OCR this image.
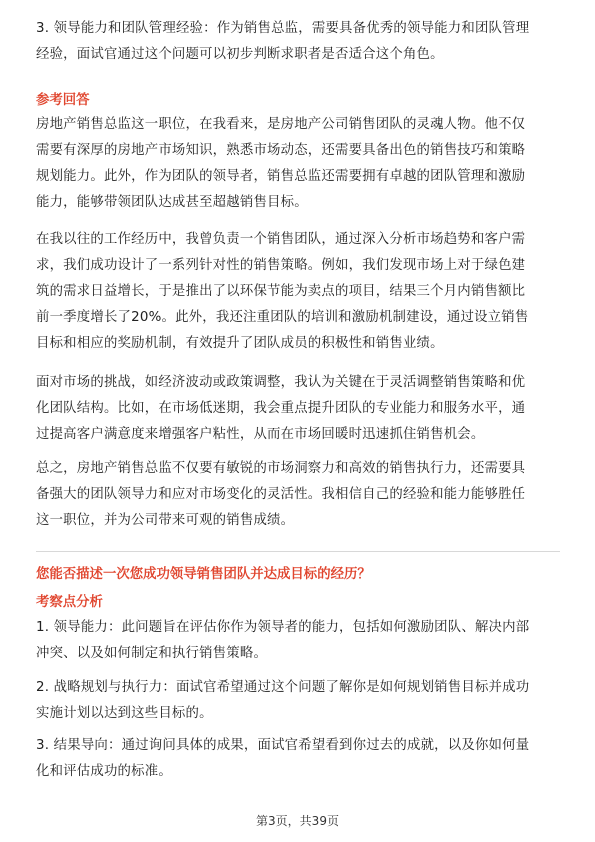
3. 领导能力和团队管理经验：作为销售总监，需要具备优秀的领导能力和团队管理

经验，面试官通过这个问题可以初步判断求职者是否适合这个角色。

参考回答

房地产销售总监这一职位，在我看来，是房地产公司销售团队的灵魂人物。他不仅

需要有深厚的房地产市场知识，熟悉市场动态，还需要具备出色的销售技巧和策略

规划能力。此外，作为团队的领导者，销售总监还需要拥有卓越的团队管理和激励

能力，能够带领团队达成甚至超越销售目标。

在我以往的工作经历中，我曾负责一个销售团队，通过深入分析市场趋势和客户需

求，我们成功设计了一系列针对性的销售策略。例如，我们发现市场上对于绿色建

筑的需求日益增长，于是推出了以环保节能为卖点的项目，结果三个月内销售额比

前一季度增长了20%。此外，我还注重团队的培训和激励机制建设，通过设立销售

目标和相应的奖励机制，有效提升了团队成员的积极性和销售业绩。

面对市场的挑战，如经济波动或政策调整，我认为关键在于灵活调整销售策略和优

化团队结构。比如，在市场低迷期，我会重点提升团队的专业能力和服务水平，通

过提高客户满意度来增强客户粘性，从而在市场回暖时迅速抓住销售机会。

总之，房地产销售总监不仅要有敏锐的市场洞察力和高效的销售执行力，还需要具

备强大的团队领导力和应对市场变化的灵活性。我相信自己的经验和能力能够胜任

这一职位，并为公司带来可观的销售成绩。

您能否描述一次您成功领导销售团队并达成目标的经历？

考察点分析

1. 领导能力：此问题旨在评估你作为领导者的能力，包括如何激励团队、解决内部

冲突、以及如何制定和执行销售策略。

2. 战略规划与执行力：面试官希望通过这个问题了解你是如何规划销售目标并成功

实施计划以达到这些目标的。

3. 结果导向：通过询问具体的成果，面试官希望看到你过去的成就，以及你如何量

化和评估成功的标准。

第3页，共39页
